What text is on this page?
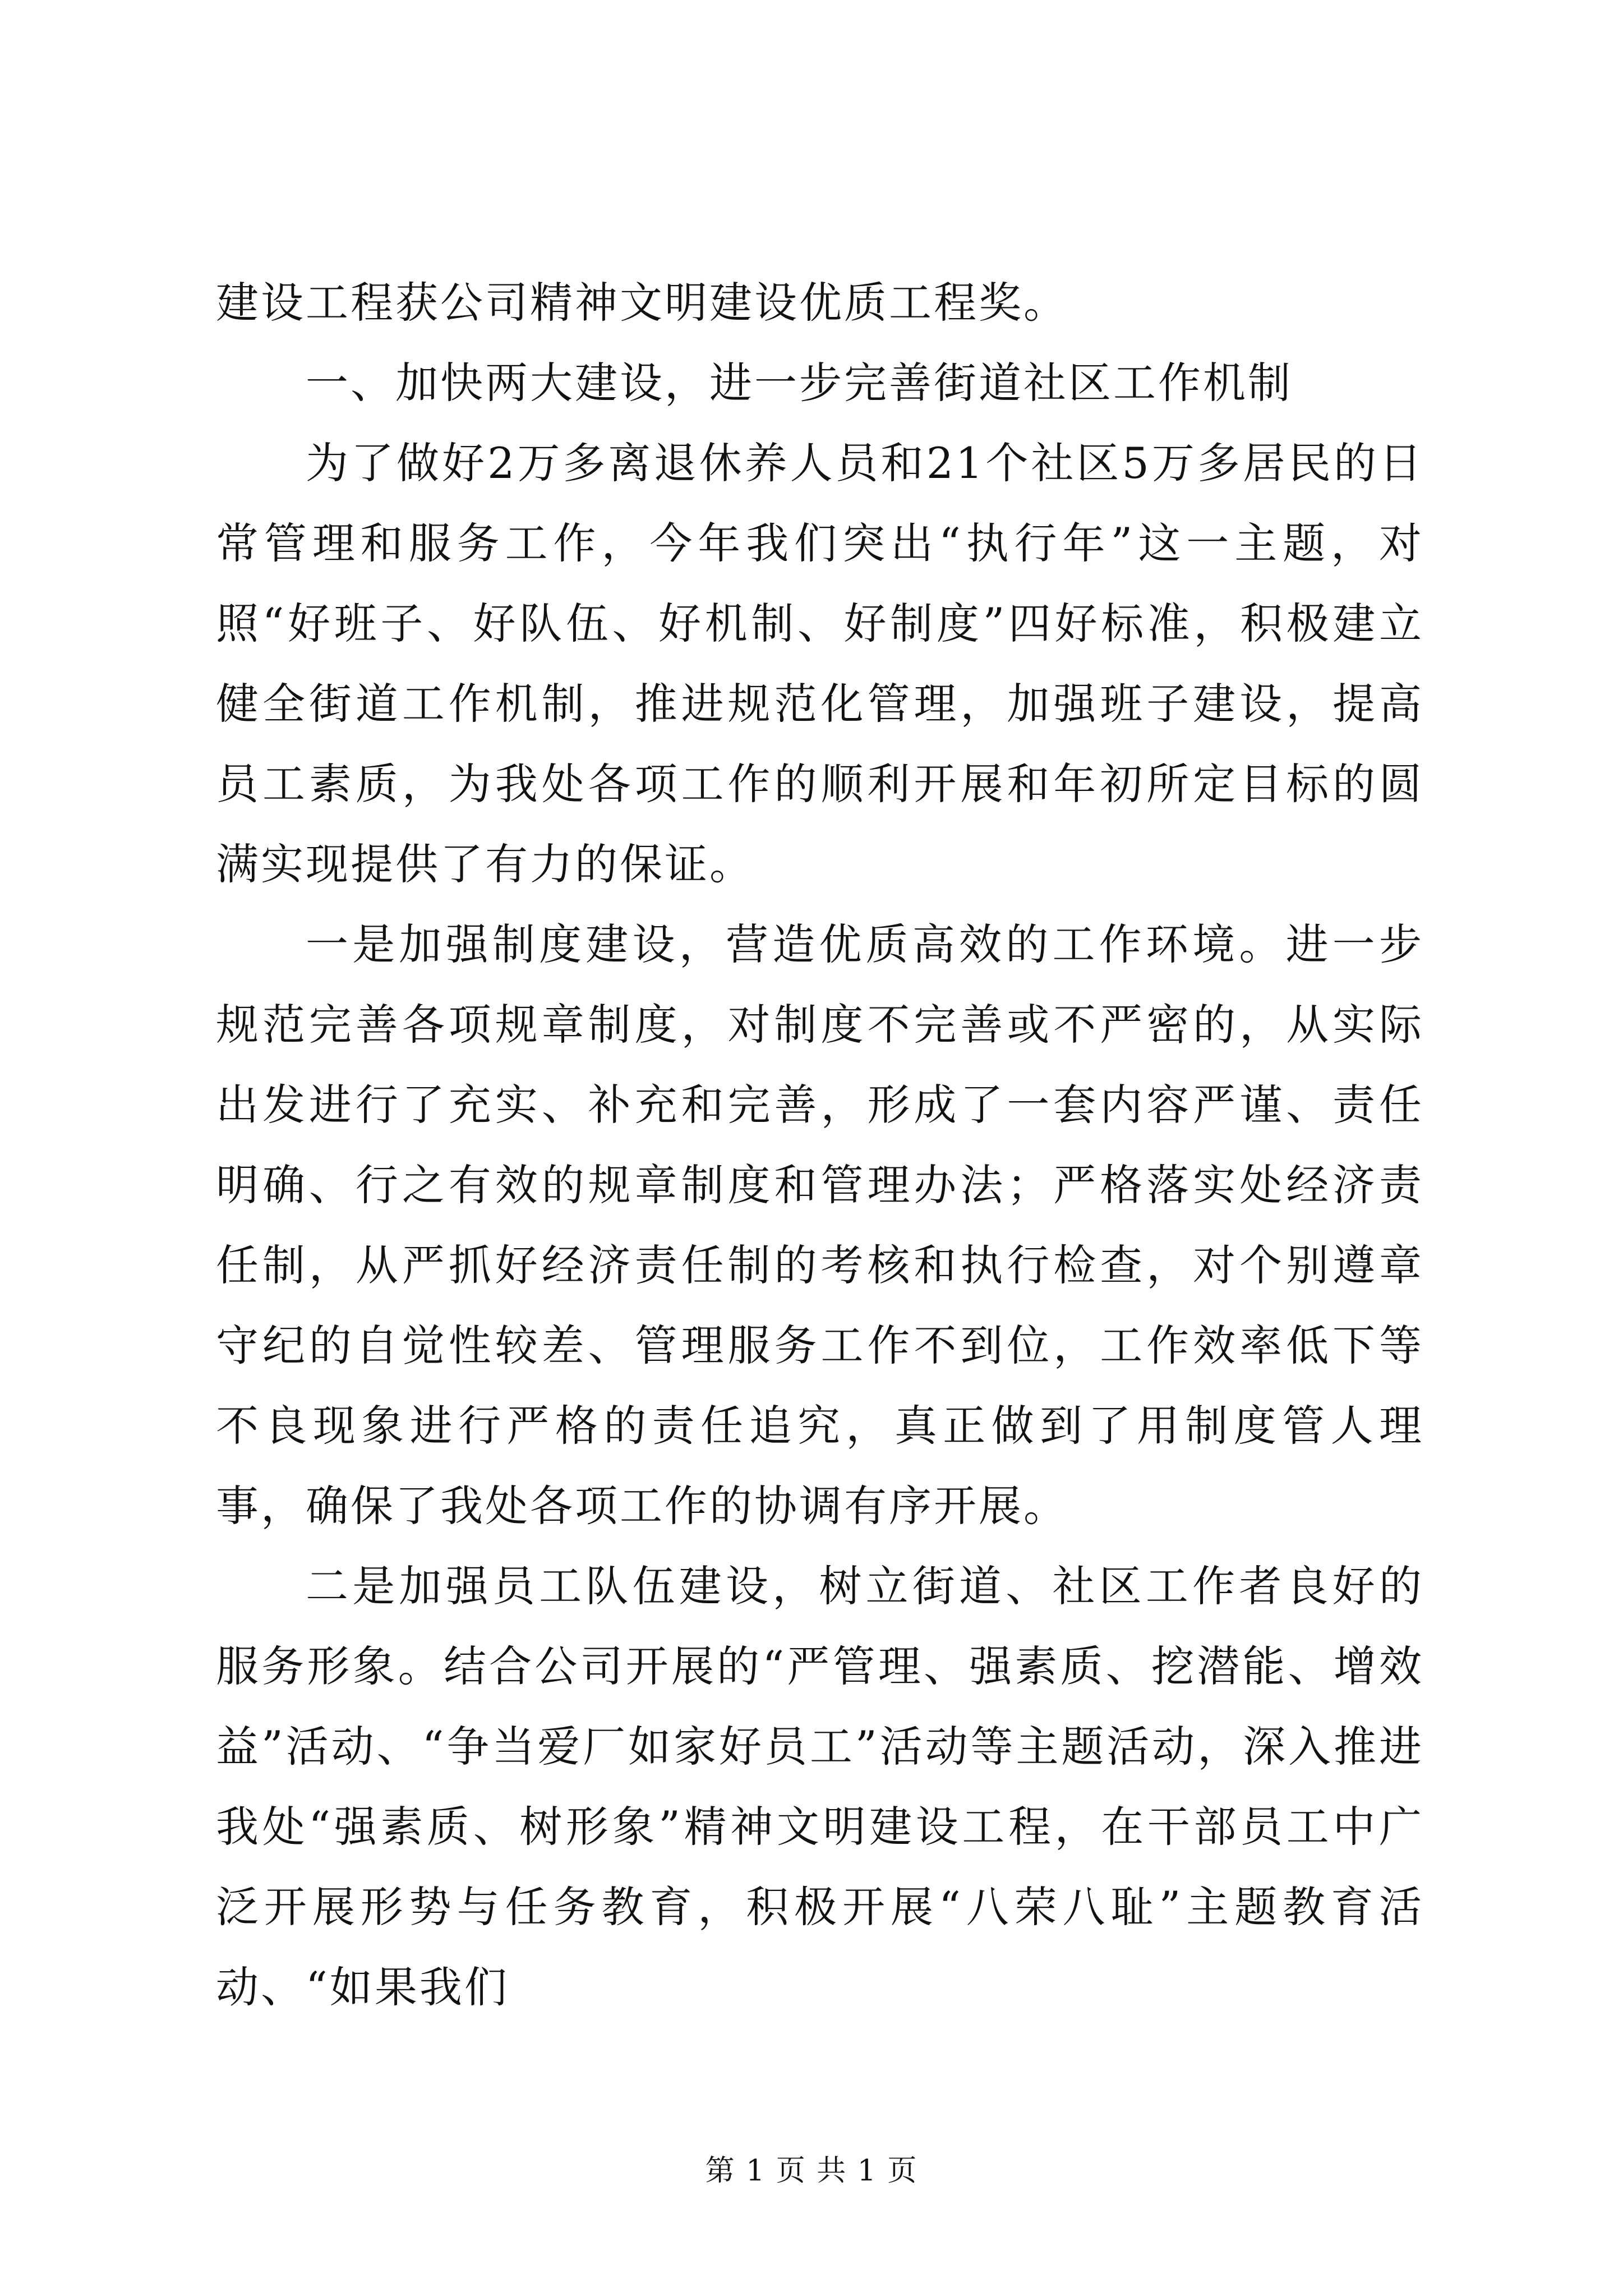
建设工程获公司精神文明建设优质工程奖。

一、加快两大建设，进一步完善街道社区工作机制

为了做好2万多离退休养人员和21个社区5万多居民的日常管理和服务工作，今年我们突出“执行年”这一主题，对照“好班子、好队伍、好机制、好制度”四好标准，积极建立健全街道工作机制，推进规范化管理，加强班子建设，提高员工素质，为我处各项工作的顺利开展和年初所定目标的圆满实现提供了有力的保证。

一是加强制度建设，营造优质高效的工作环境。进一步规范完善各项规章制度，对制度不完善或不严密的，从实际出发进行了充实、补充和完善，形成了一套内容严谨、责任明确、行之有效的规章制度和管理办法；严格落实处经济责任制，从严抓好经济责任制的考核和执行检查，对个别遵章守纪的自觉性较差、管理服务工作不到位，工作效率低下等不良现象进行严格的责任追究，真正做到了用制度管人理事，确保了我处各项工作的协调有序开展。

二是加强员工队伍建设，树立街道、社区工作者良好的服务形象。结合公司开展的“严管理、强素质、挖潜能、增效益”活动、“争当爱厂如家好员工”活动等主题活动，深入推进我处“强素质、树形象”精神文明建设工程，在干部员工中广泛开展形势与任务教育，积极开展“八荣八耻”主题教育活动、“如果我们

第 1 页 共 1 页
